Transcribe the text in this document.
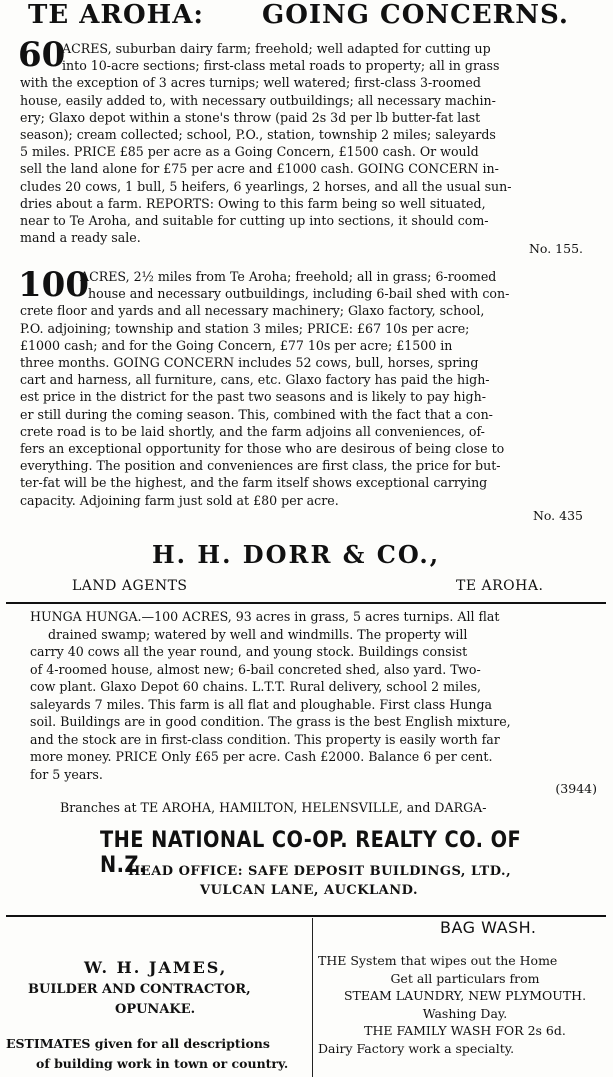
TE AROHA: GOING CONCERNS.
60
ACRES, suburban dairy farm; freehold; well adapted for cutting up
into 10-acre sections; first-class metal roads to property; all in grass
with the exception of 3 acres turnips; well watered; first-class 3-roomed
house, easily added to, with necessary outbuildings; all necessary machin-
ery; Glaxo depot within a stone's throw (paid 2s 3d per lb butter-fat last
season); cream collected; school, P.O., station, township 2 miles; saleyards
5 miles. PRICE £85 per acre as a Going Concern, £1500 cash. Or would
sell the land alone for £75 per acre and £1000 cash. GOING CONCERN in-
cludes 20 cows, 1 bull, 5 heifers, 6 yearlings, 2 horses, and all the usual sun-
dries about a farm. REPORTS: Owing to this farm being so well situated,
near to Te Aroha, and suitable for cutting up into sections, it should com-
mand a ready sale.
No. 155.
100
ACRES, 2½ miles from Te Aroha; freehold; all in grass; 6-roomed
house and necessary outbuildings, including 6-bail shed with con-
crete floor and yards and all necessary machinery; Glaxo factory, school,
P.O. adjoining; township and station 3 miles; PRICE: £67 10s per acre;
£1000 cash; and for the Going Concern, £77 10s per acre; £1500 in
three months. GOING CONCERN includes 52 cows, bull, horses, spring
cart and harness, all furniture, cans, etc. Glaxo factory has paid the high-
est price in the district for the past two seasons and is likely to pay high-
er still during the coming season. This, combined with the fact that a con-
crete road is to be laid shortly, and the farm adjoins all conveniences, of-
fers an exceptional opportunity for those who are desirous of being close to
everything. The position and conveniences are first class, the price for but-
ter-fat will be the highest, and the farm itself shows exceptional carrying
capacity. Adjoining farm just sold at £80 per acre.
No. 435
H. H. DORR & CO.,
LAND AGENTS	TE AROHA.
HUNGA HUNGA.—100 ACRES, 93 acres in grass, 5 acres turnips. All flat
drained swamp; watered by well and windmills. The property will
carry 40 cows all the year round, and young stock. Buildings consist
of 4-roomed house, almost new; 6-bail concreted shed, also yard. Two-
cow plant. Glaxo Depot 60 chains. L.T.T. Rural delivery, school 2 miles,
saleyards 7 miles. This farm is all flat and ploughable. First class Hunga
soil. Buildings are in good condition. The grass is the best English mixture,
and the stock are in first-class condition. This property is easily worth far
more money. PRICE Only £65 per acre. Cash £2000. Balance 6 per cent.
for 5 years.
(3944)
Branches at TE AROHA, HAMILTON, HELENSVILLE, and DARGA-
THE NATIONAL CO-OP. REALTY CO. OF N.Z.
HEAD OFFICE: SAFE DEPOSIT BUILDINGS, LTD.,
VULCAN LANE, AUCKLAND.
W. H. JAMES,
BUILDER AND CONTRACTOR,
OPUNAKE.
ESTIMATES given for all descriptions
of building work in town or country.
BAG WASH.
THE System that wipes out the Home
Get all particulars from
STEAM LAUNDRY, NEW PLYMOUTH.
Washing Day.
THE FAMILY WASH FOR 2s 6d.
Dairy Factory work a specialty.
